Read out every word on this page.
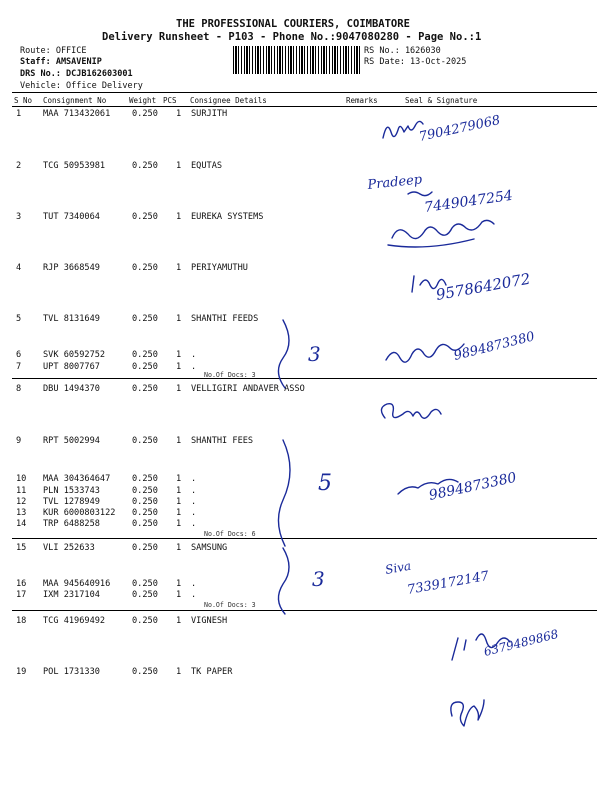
THE PROFESSIONAL COURIERS, COIMBATORE
Delivery Runsheet - P103 - Phone No.:9047080280 - Page No.:1
Route: OFFICE
Staff: AMSAVENIP
DRS No.: DCJB162603001
Vehicle: Office Delivery
RS No.: 1626030
RS Date: 13-Oct-2025
S No Consignment No	Weight PCS Consignee Details	Remarks	Seal & Signature
1	MAA 713432061	0.250 1 SURJITH
2	TCG 50953981	0.250 1 EQUTAS
3	TUT 7340064	0.250 1 EUREKA SYSTEMS
4	RJP 3668549	0.250 1 PERIYAMUTHU
5	TVL 8131649	0.250 1 SHANTHI FEEDS
6	SVK 60592752	0.250 1 .
7	UPT 8007767	0.250 1 .
8	DBU 1494370	0.250 1 VELLIGIRI ANDAVER ASSO
9	RPT 5002994	0.250 1 SHANTHI FEES
10 MAA 304364647	0.250 1 .
11 PLN 1533743	0.250 1 .
12 TVL 1278949	0.250 1 .
13 KUR 6000803122 0.250 1 .
14 TRP 6488258	0.250 1 .
15 VLI 252633	0.250 1 SAMSUNG
16 MAA 945640916	0.250 1 .
17 IXM 2317104	0.250 1 .
18 TCG 41969492	0.250 1 VIGNESH
19 POL 1731330	0.250 1 TK PAPER
No.Of Docs: 3
No.Of Docs: 6
No.Of Docs: 3
7904279068
Pradeep
7449047254
9578642072
3	9894873380
5	9894873380
3	Siva
7339172147
6379489868
